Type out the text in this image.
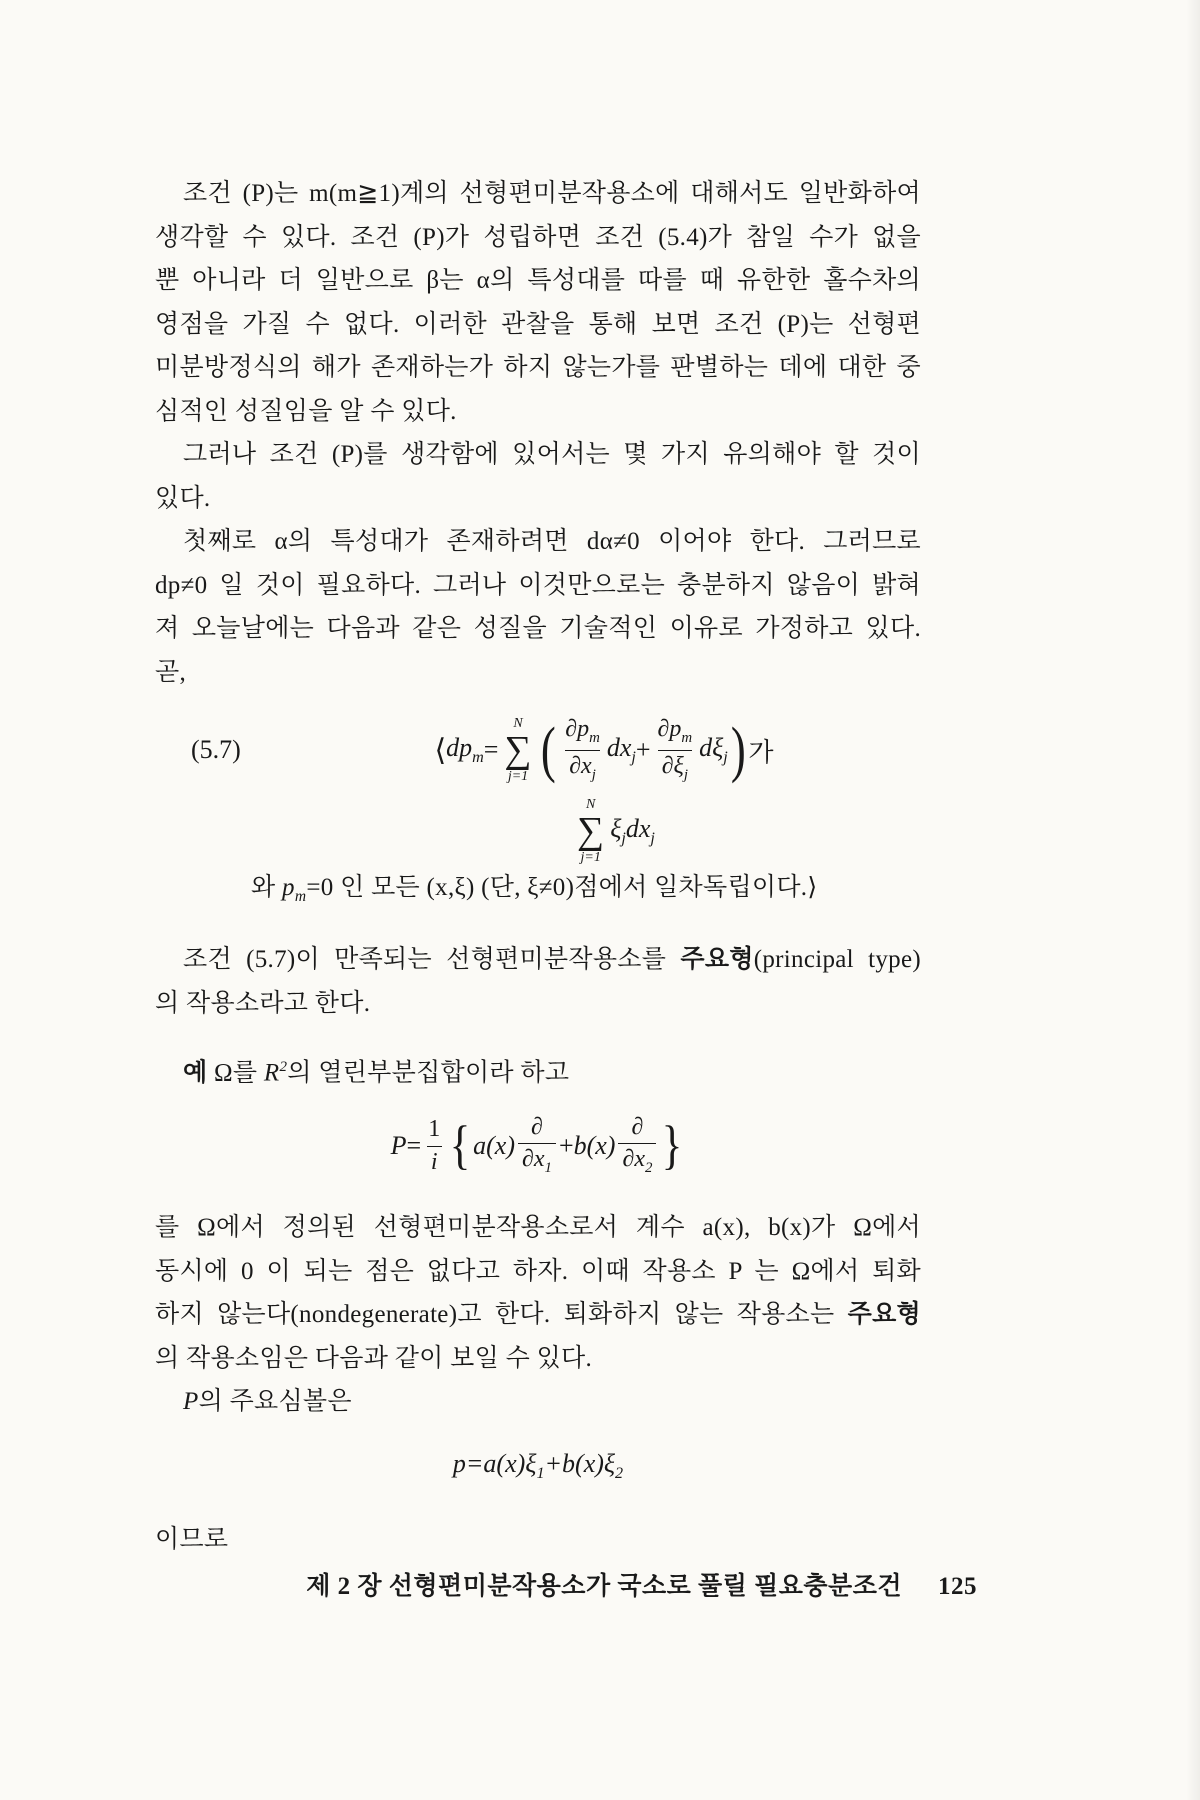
조건 (P)는 m(m≧1)계의 선형편미분작용소에 대해서도 일반화하여
생각할 수 있다. 조건 (P)가 성립하면 조건 (5.4)가 참일 수가 없을
뿐 아니라 더 일반으로 β는 α의 특성대를 따를 때 유한한 홀수차의
영점을 가질 수 없다. 이러한 관찰을 통해 보면 조건 (P)는 선형편
미분방정식의 해가 존재하는가 하지 않는가를 판별하는 데에 대한 중
심적인 성질임을 알 수 있다.
그러나 조건 (P)를 생각함에 있어서는 몇 가지 유의해야 할 것이
있다.
첫째로 α의 특성대가 존재하려면 dα≠0 이어야 한다. 그러므로
dp≠0 일 것이 필요하다. 그러나 이것만으로는 충분하지 않음이 밝혀
져 오늘날에는 다음과 같은 성질을 기술적인 이유로 가정하고 있다.
곧,
(5.7)	⟨ $dp_m$ =
N
∑
j=1 ( $\frac{\partial p_m}{\partial x_j} dx_j + \frac{\partial p_m}{\partial\xi_j} d\xi_j$ ) 가
N
∑
j=1
$\xi_jdx_j$
와 $p_m=0$ 인 모든 (x,ξ) (단, ξ≠0)점에서 일차독립이다.⟩
조건 (5.7)이 만족되는 선형편미분작용소를 주요형(principal type)
의 작용소라고 한다.
예 Ω를 $R^2$의 열린부분집합이라 하고
$P= \frac{1}{i}$ { $a(x) \frac{\partial}{\partial x_1} + b(x) \frac{\partial}{\partial x_2}$ }
를 Ω에서 정의된 선형편미분작용소로서 계수 a(x), b(x)가 Ω에서
동시에 0 이 되는 점은 없다고 하자. 이때 작용소 P 는 Ω에서 퇴화
하지 않는다(nondegenerate)고 한다. 퇴화하지 않는 작용소는 주요형
의 작용소임은 다음과 같이 보일 수 있다.
P의 주요심볼은
$p=a(x)\xi_1+b(x)\xi_2$
이므로
제 2 장 선형편미분작용소가 국소로 풀릴 필요충분조건 125
